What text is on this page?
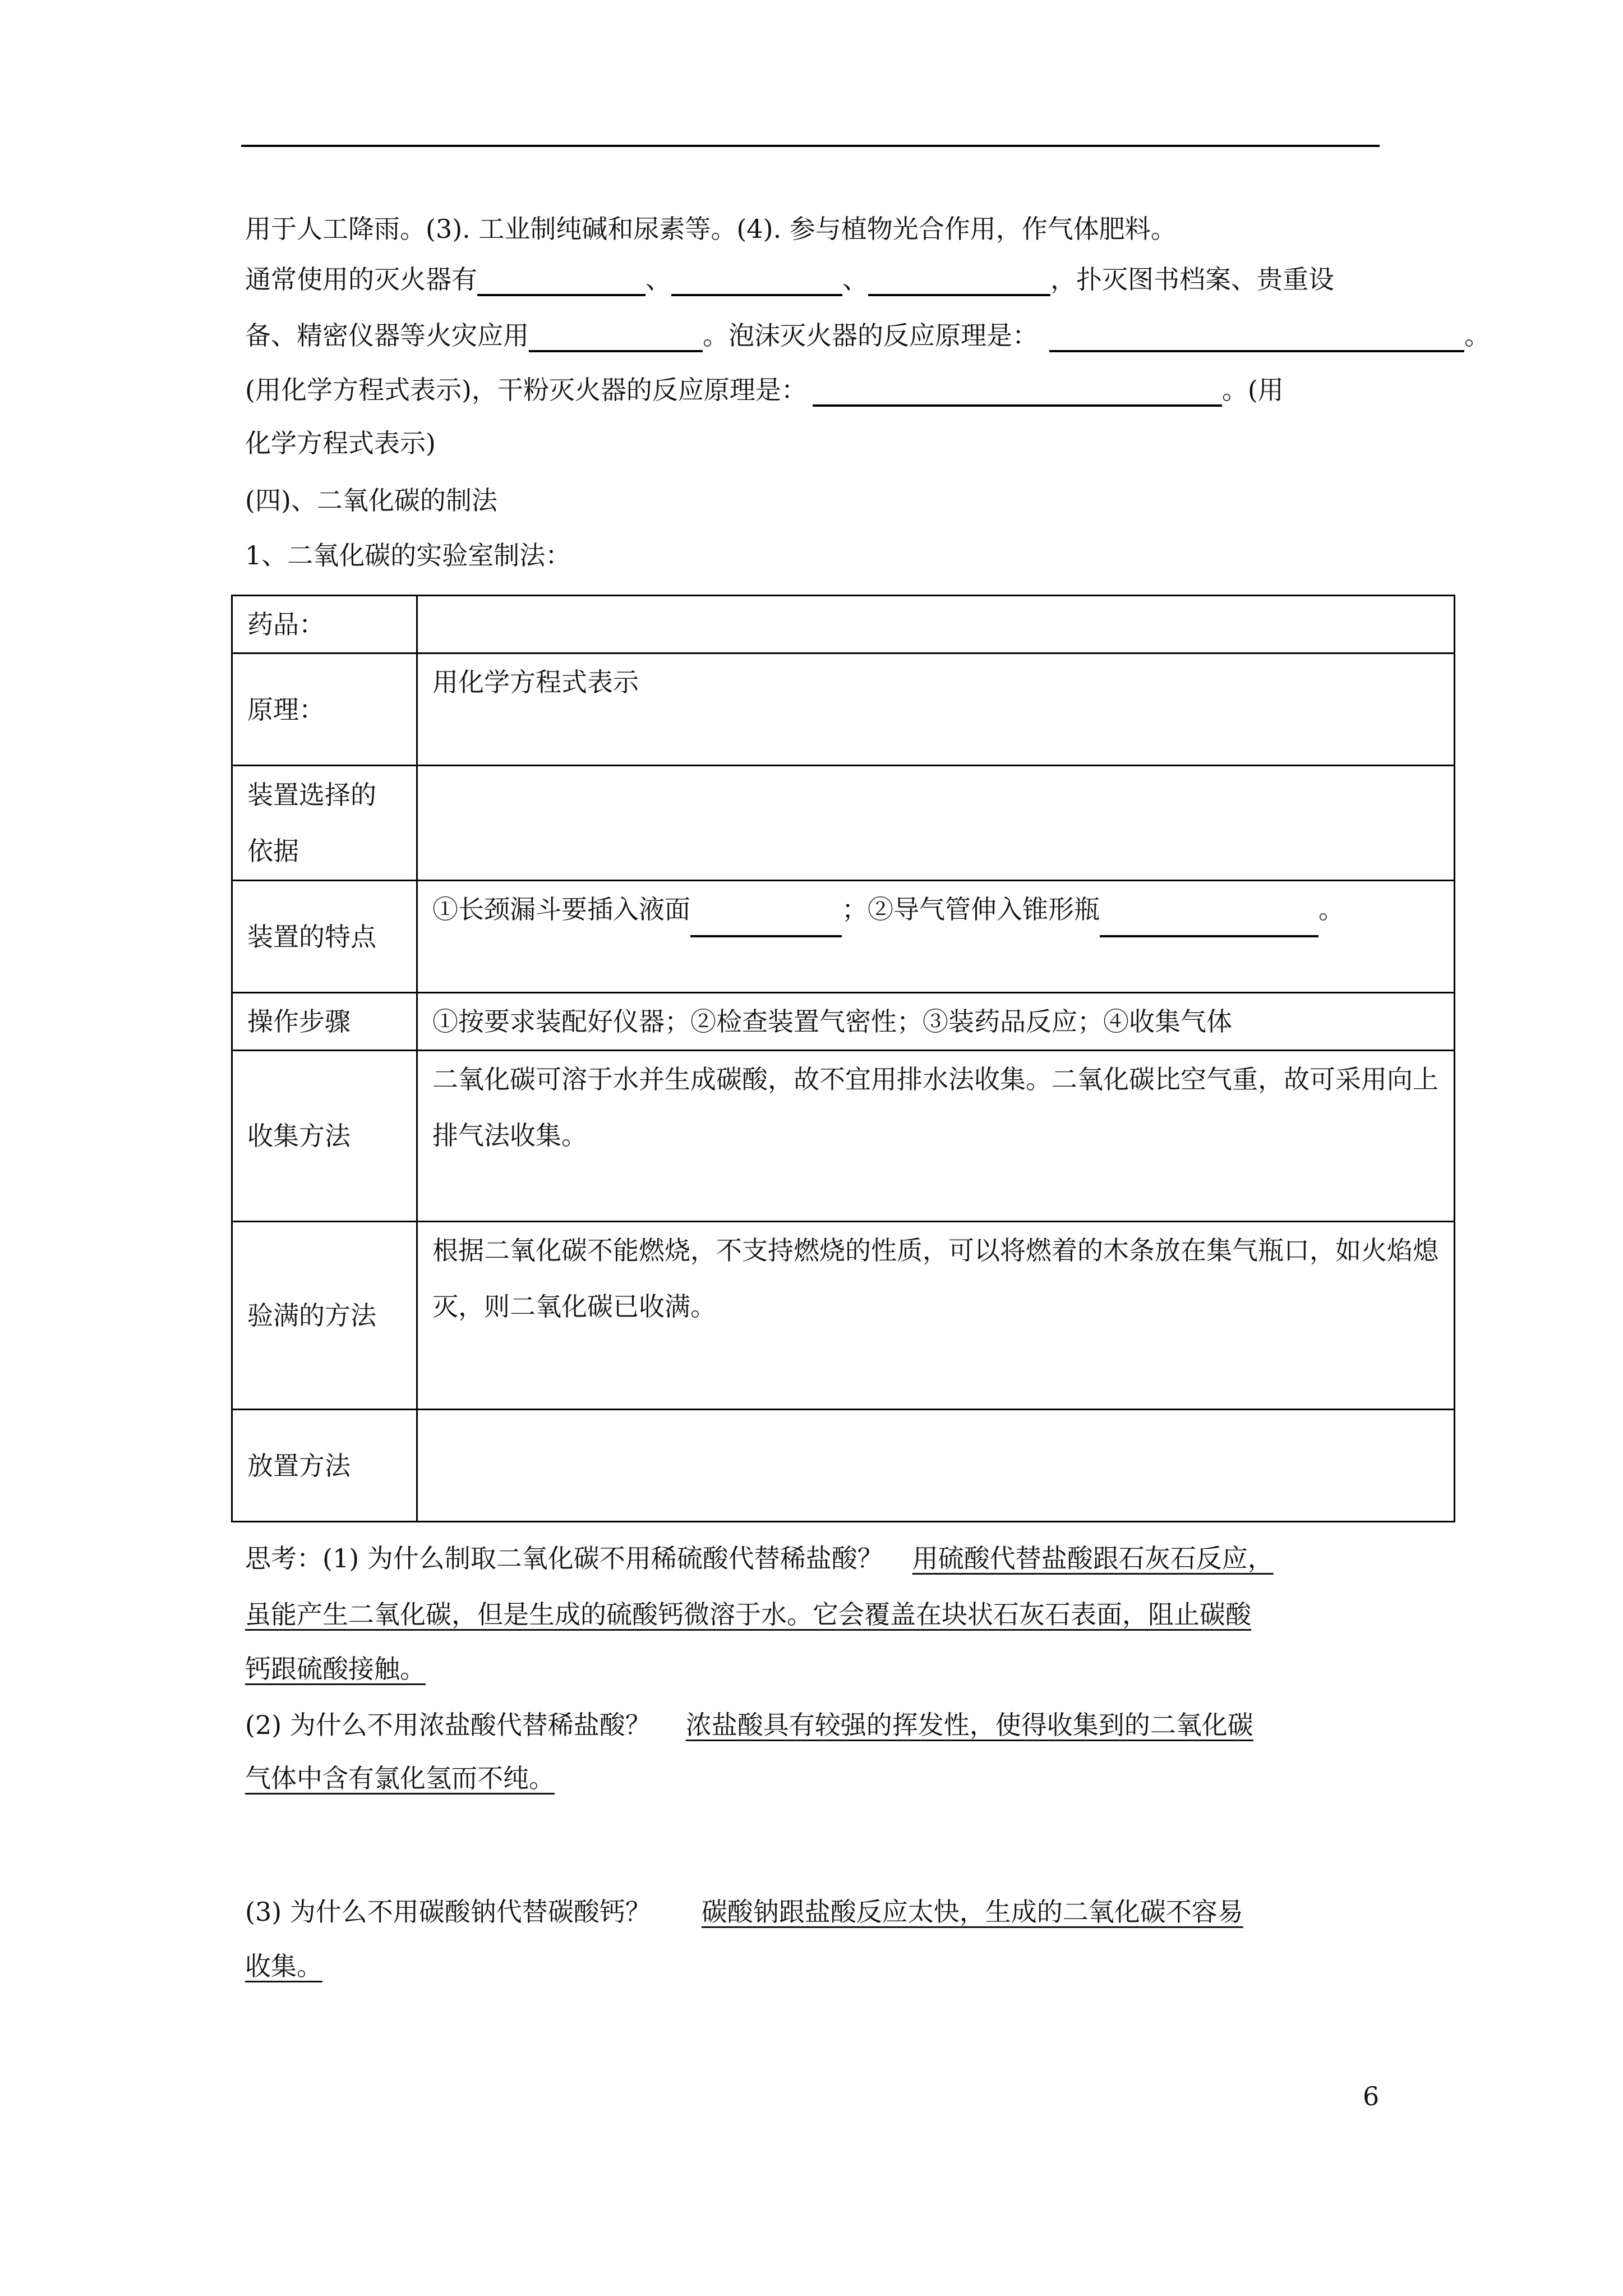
用于人工降雨。(3). 工业制纯碱和尿素等。(4). 参与植物光合作用，作气体肥料。
通常使用的灭火器有	、	、	，扑灭图书档案、贵重设
备、精密仪器等火灾应用	。泡沫灭火器的反应原理是：	。
(用化学方程式表示)，干粉灭火器的反应原理是：	。(用
化学方程式表示)
(四)、二氧化碳的制法
1、二氧化碳的实验室制法：
药品：	
原理：	用化学方程式表示
装置选择的依据	
装置的特点	①长颈漏斗要插入液面 ；②导气管伸入锥形瓶 。
操作步骤	①按要求装配好仪器；②检查装置气密性；③装药品反应；④收集气体
收集方法	二氧化碳可溶于水并生成碳酸，故不宜用排水法收集。二氧化碳比空气重，故可采用向上排气法收集。
验满的方法	根据二氧化碳不能燃烧，不支持燃烧的性质，可以将燃着的木条放在集气瓶口，如火焰熄灭，则二氧化碳已收满。
放置方法	
思考：(1) 为什么制取二氧化碳不用稀硫酸代替稀盐酸？ 用硫酸代替盐酸跟石灰石反应，
虽能产生二氧化碳，但是生成的硫酸钙微溶于水。它会覆盖在块状石灰石表面，阻止碳酸
钙跟硫酸接触。
(2) 为什么不用浓盐酸代替稀盐酸？ 浓盐酸具有较强的挥发性，使得收集到的二氧化碳
气体中含有氯化氢而不纯。
(3) 为什么不用碳酸钠代替碳酸钙？ 碳酸钠跟盐酸反应太快，生成的二氧化碳不容易
收集。
6
